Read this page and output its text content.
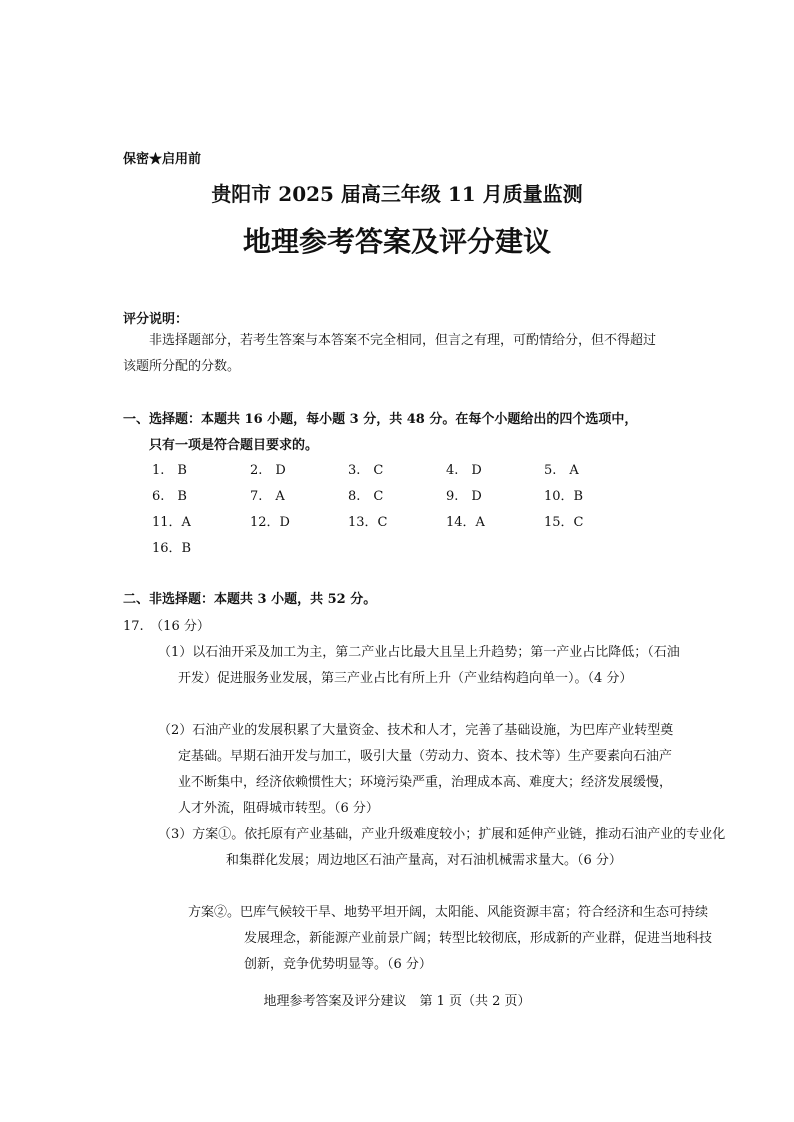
保密★启用前
贵阳市 2025 届高三年级 11 月质量监测
地理参考答案及评分建议
评分说明：
非选择题部分，若考生答案与本答案不完全相同，但言之有理，可酌情给分，但不得超过该题所分配的分数。
一、选择题：本题共 16 小题，每小题 3 分，共 48 分。在每个小题给出的四个选项中，
只有一项是符合题目要求的。
1.　B	2.　D	3.　C	4.　D	5.　A
6.　B	7.　A	8.　C	9.　D	10．B
11．A	12．D	13．C	14．A	15．C
16．B
二、非选择题：本题共 3 小题，共 52 分。
17.　（16 分）
（1）以石油开采及加工为主，第二产业占比最大且呈上升趋势；第一产业占比降低；（石油开发）促进服务业发展，第三产业占比有所上升（产业结构趋向单一）。（4 分）
（2）石油产业的发展积累了大量资金、技术和人才，完善了基础设施，为巴库产业转型奠定基础。早期石油开发与加工，吸引大量（劳动力、资本、技术等）生产要素向石油产业不断集中，经济依赖惯性大；环境污染严重，治理成本高、难度大；经济发展缓慢，人才外流，阻碍城市转型。（6 分）
（3）方案①。依托原有产业基础，产业升级难度较小；扩展和延伸产业链，推动石油产业的专业化和集群化发展；周边地区石油产量高，对石油机械需求量大。（6 分）
方案②。巴库气候较干旱、地势平坦开阔，太阳能、风能资源丰富；符合经济和生态可持续发展理念，新能源产业前景广阔；转型比较彻底，形成新的产业群，促进当地科技创新，竞争优势明显等。（6 分）
地理参考答案及评分建议　第 1 页（共 2 页）
